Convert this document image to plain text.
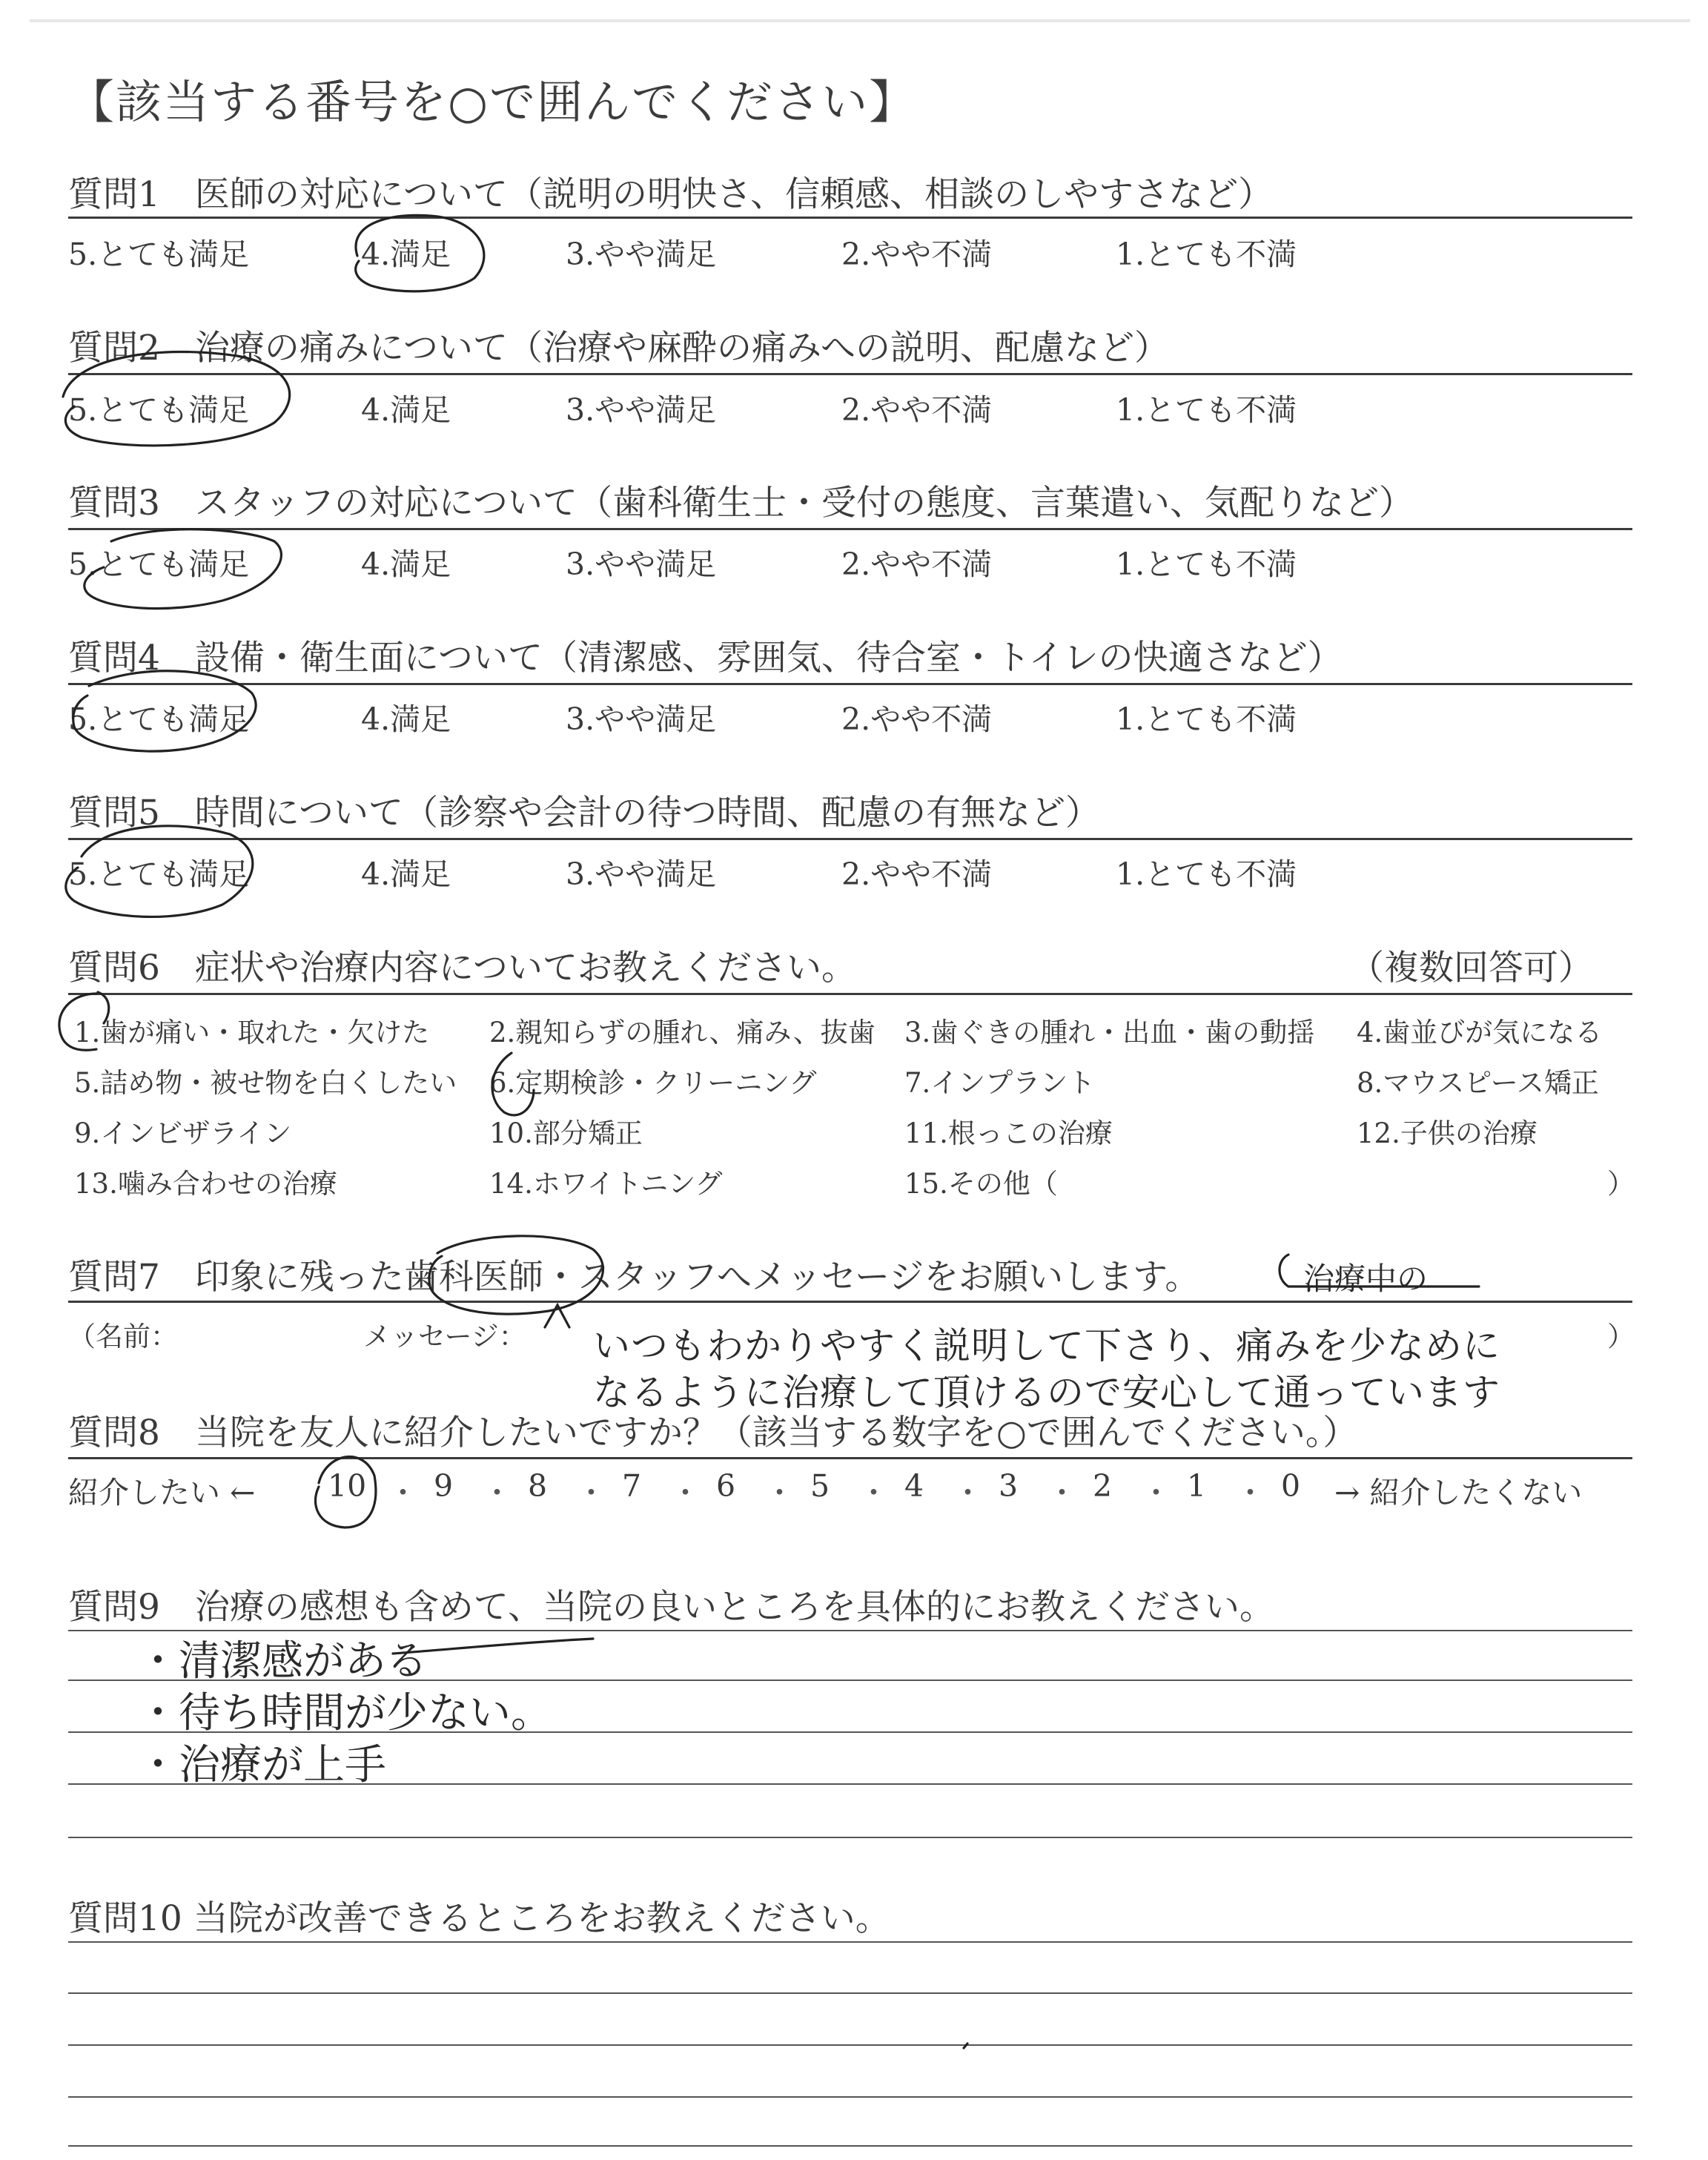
【該当する番号を○で囲んでください】
質問1　医師の対応について（説明の明快さ、信頼感、相談のしやすさなど）
5.とても満足	4.満足	3.やや満足	2.やや不満	1.とても不満
質問2　治療の痛みについて（治療や麻酔の痛みへの説明、配慮など）
5.とても満足	4.満足	3.やや満足	2.やや不満	1.とても不満
質問3　スタッフの対応について（歯科衛生士・受付の態度、言葉遣い、気配りなど）
5.とても満足	4.満足	3.やや満足	2.やや不満	1.とても不満
質問4　設備・衛生面について（清潔感、雰囲気、待合室・トイレの快適さなど）
5.とても満足	4.満足	3.やや満足	2.やや不満	1.とても不満
質問5　時間について（診察や会計の待つ時間、配慮の有無など）
5.とても満足	4.満足	3.やや満足	2.やや不満	1.とても不満
質問6　症状や治療内容についてお教えください。	（複数回答可）
1.歯が痛い・取れた・欠けた 2.親知らずの腫れ、痛み、抜歯 3.歯ぐきの腫れ・出血・歯の動揺 4.歯並びが気になる
5.詰め物・被せ物を白くしたい 6.定期検診・クリーニング	7.インプラント	8.マウスピース矯正
9.インビザライン	10.部分矯正	11.根っこの治療	12.子供の治療
13.噛み合わせの治療	14.ホワイトニング	15.その他（	）
質問7　印象に残った歯科医師・スタッフへメッセージをお願いします。
（名前：	メッセージ：	）
治療中の
いつもわかりやすく説明して下さり、痛みを少なめに
なるように治療して頂けるので安心して通っています
質問8　当院を友人に紹介したいですか？（該当する数字を○で囲んでください。）
紹介したい ←	→ 紹介したくない
10 9 8 7 6 5 4 3 2 1 0
・ ・ ・ ・ ・ ・ ・ ・ ・ ・
質問9　治療の感想も含めて、当院の良いところを具体的にお教えください。
・清潔感がある
・待ち時間が少ない。
・治療が上手
質問10 当院が改善できるところをお教えください。
